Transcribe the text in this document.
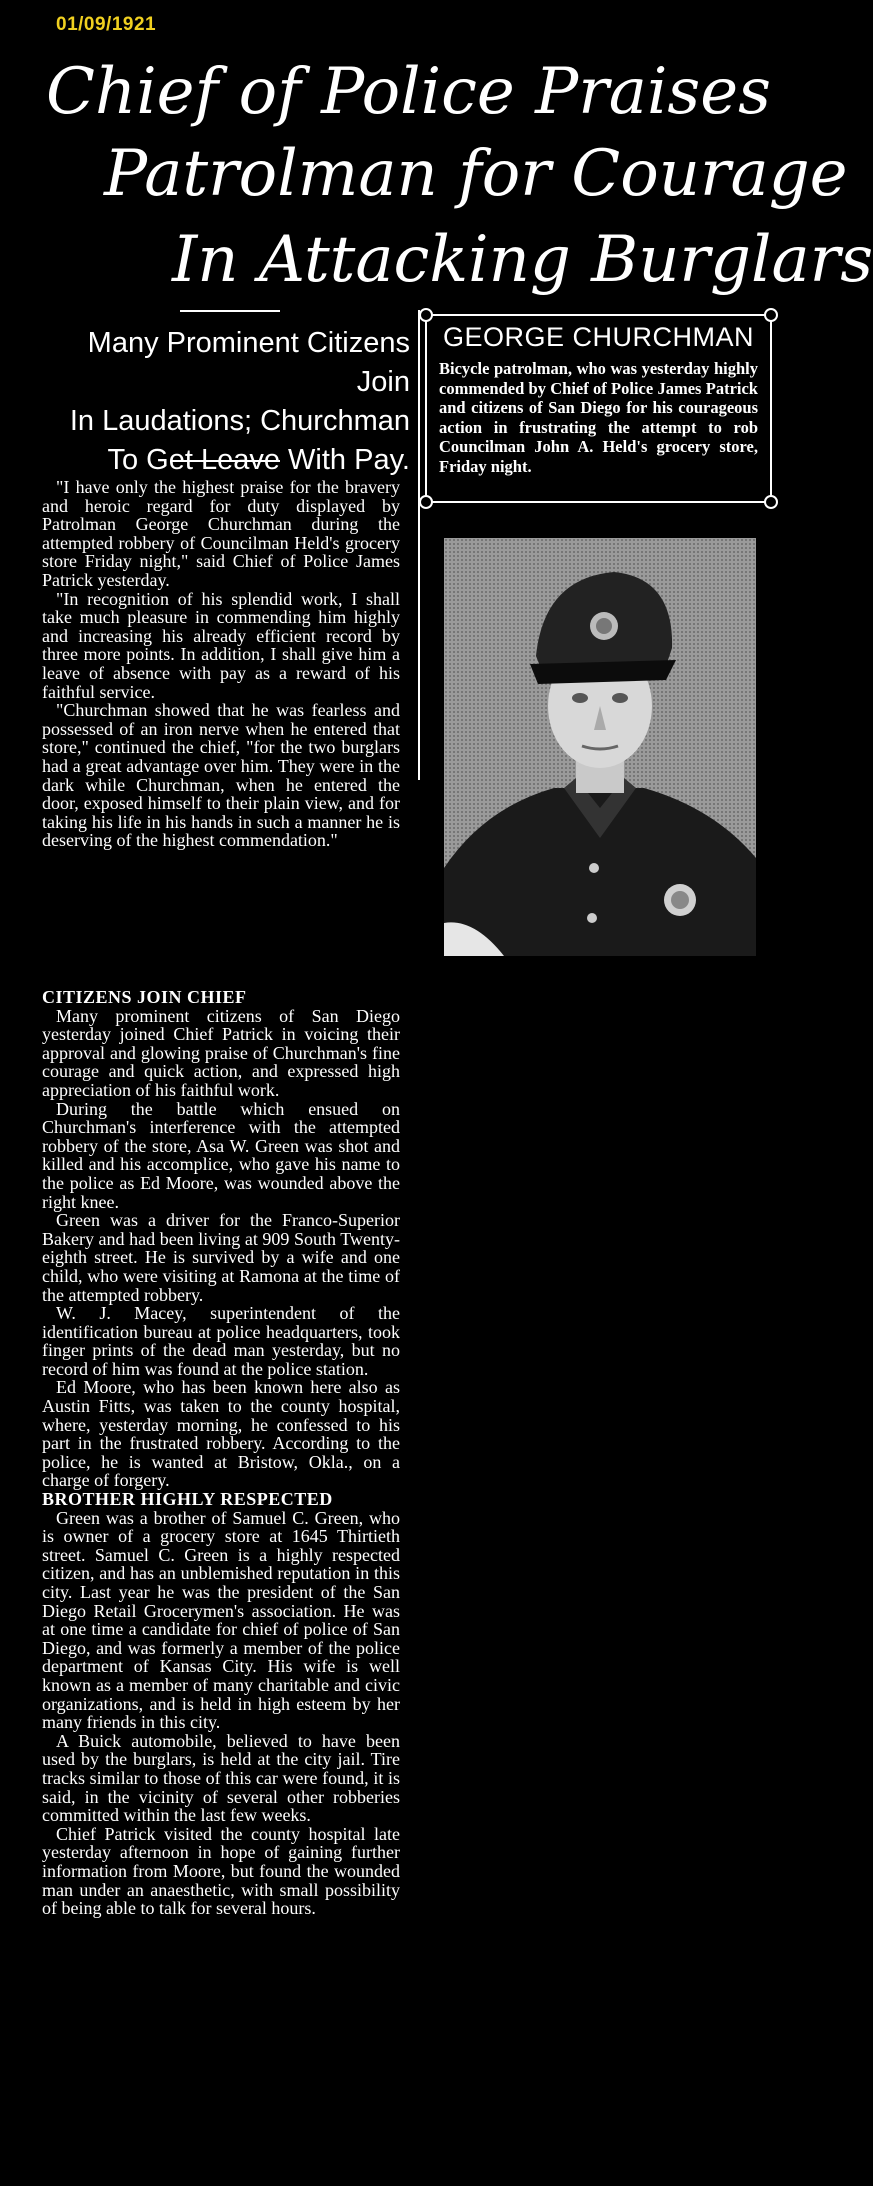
01/09/1921
Chief of Police Praises
Patrolman for Courage
In Attacking Burglars
Many Prominent Citizens Join
In Laudations; Churchman
To Get Leave With Pay.
GEORGE CHURCHMAN
Bicycle patrolman, who was yesterday highly commended by Chief of Police James Patrick and citizens of San Diego for his courageous action in frustrating the attempt to rob Councilman John A. Held's grocery store, Friday night.

"I have only the highest praise for the bravery and heroic regard for duty displayed by Patrolman George Churchman during the attempted robbery of Councilman Held's grocery store Friday night," said Chief of Police James Patrick yesterday.

"In recognition of his splendid work, I shall take much pleasure in commending him highly and increasing his already efficient record by three more points. In addition, I shall give him a leave of absence with pay as a reward of his faithful service.

"Churchman showed that he was fearless and possessed of an iron nerve when he entered that store," continued the chief, "for the two burglars had a great advantage over him. They were in the dark while Churchman, when he entered the door, exposed himself to their plain view, and for taking his life in his hands in such a manner he is deserving of the highest commendation."

CITIZENS JOIN CHIEF

Many prominent citizens of San Diego yesterday joined Chief Patrick in voicing their approval and glowing praise of Churchman's fine courage and quick action, and expressed high appreciation of his faithful work.

During the battle which ensued on Churchman's interference with the attempted robbery of the store, Asa W. Green was shot and killed and his accomplice, who gave his name to the police as Ed Moore, was wounded above the right knee.

Green was a driver for the Franco-Superior Bakery and had been living at 909 South Twenty-eighth street. He is survived by a wife and one child, who were visiting at Ramona at the time of the attempted robbery.

W. J. Macey, superintendent of the identification bureau at police headquarters, took finger prints of the dead man yesterday, but no record of him was found at the police station.

Ed Moore, who has been known here also as Austin Fitts, was taken to the county hospital, where, yesterday morning, he confessed to his part in the frustrated robbery. According to the police, he is wanted at Bristow, Okla., on a charge of forgery.

BROTHER HIGHLY RESPECTED

Green was a brother of Samuel C. Green, who is owner of a grocery store at 1645 Thirtieth street. Samuel C. Green is a highly respected citizen, and has an unblemished reputation in this city. Last year he was the president of the San Diego Retail Grocerymen's association. He was at one time a candidate for chief of police of San Diego, and was formerly a member of the police department of Kansas City. His wife is well known as a member of many charitable and civic organizations, and is held in high esteem by her many friends in this city.

A Buick automobile, believed to have been used by the burglars, is held at the city jail. Tire tracks similar to those of this car were found, it is said, in the vicinity of several other robberies committed within the last few weeks.

Chief Patrick visited the county hospital late yesterday afternoon in hope of gaining further information from Moore, but found the wounded man under an anaesthetic, with small possibility of being able to talk for several hours.
